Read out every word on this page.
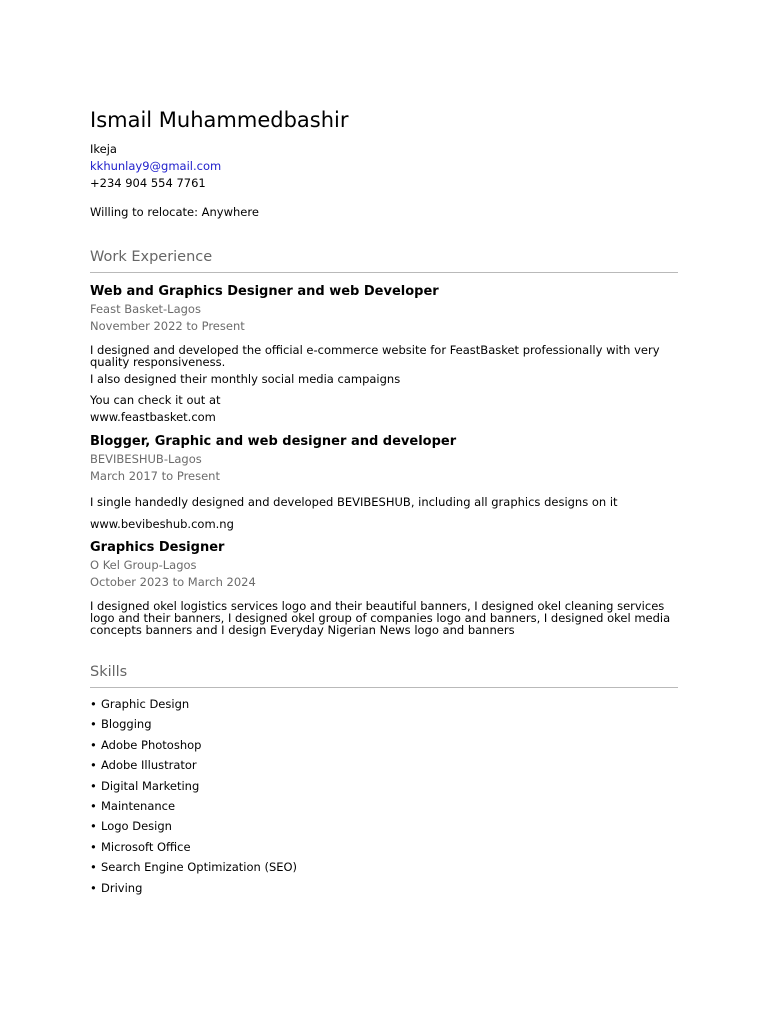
Ismail Muhammedbashir
Ikeja
kkhunlay9@gmail.com
+234 904 554 7761
Willing to relocate: Anywhere
Work Experience
Web and Graphics Designer and web Developer
Feast Basket-Lagos
November 2022 to Present
I designed and developed the official e-commerce website for FeastBasket professionally with very quality responsiveness.
I also designed their monthly social media campaigns
You can check it out at
www.feastbasket.com
Blogger, Graphic and web designer and developer
BEVIBESHUB-Lagos
March 2017 to Present
I single handedly designed and developed BEVIBESHUB, including all graphics designs on it
www.bevibeshub.com.ng
Graphics Designer
O Kel Group-Lagos
October 2023 to March 2024
I designed okel logistics services logo and their beautiful banners, I designed okel cleaning services logo and their banners, I designed okel group of companies logo and banners, I designed okel media concepts banners and I design Everyday Nigerian News logo and banners
Skills
• Graphic Design
• Blogging
• Adobe Photoshop
• Adobe Illustrator
• Digital Marketing
• Maintenance
• Logo Design
• Microsoft Office
• Search Engine Optimization (SEO)
• Driving
